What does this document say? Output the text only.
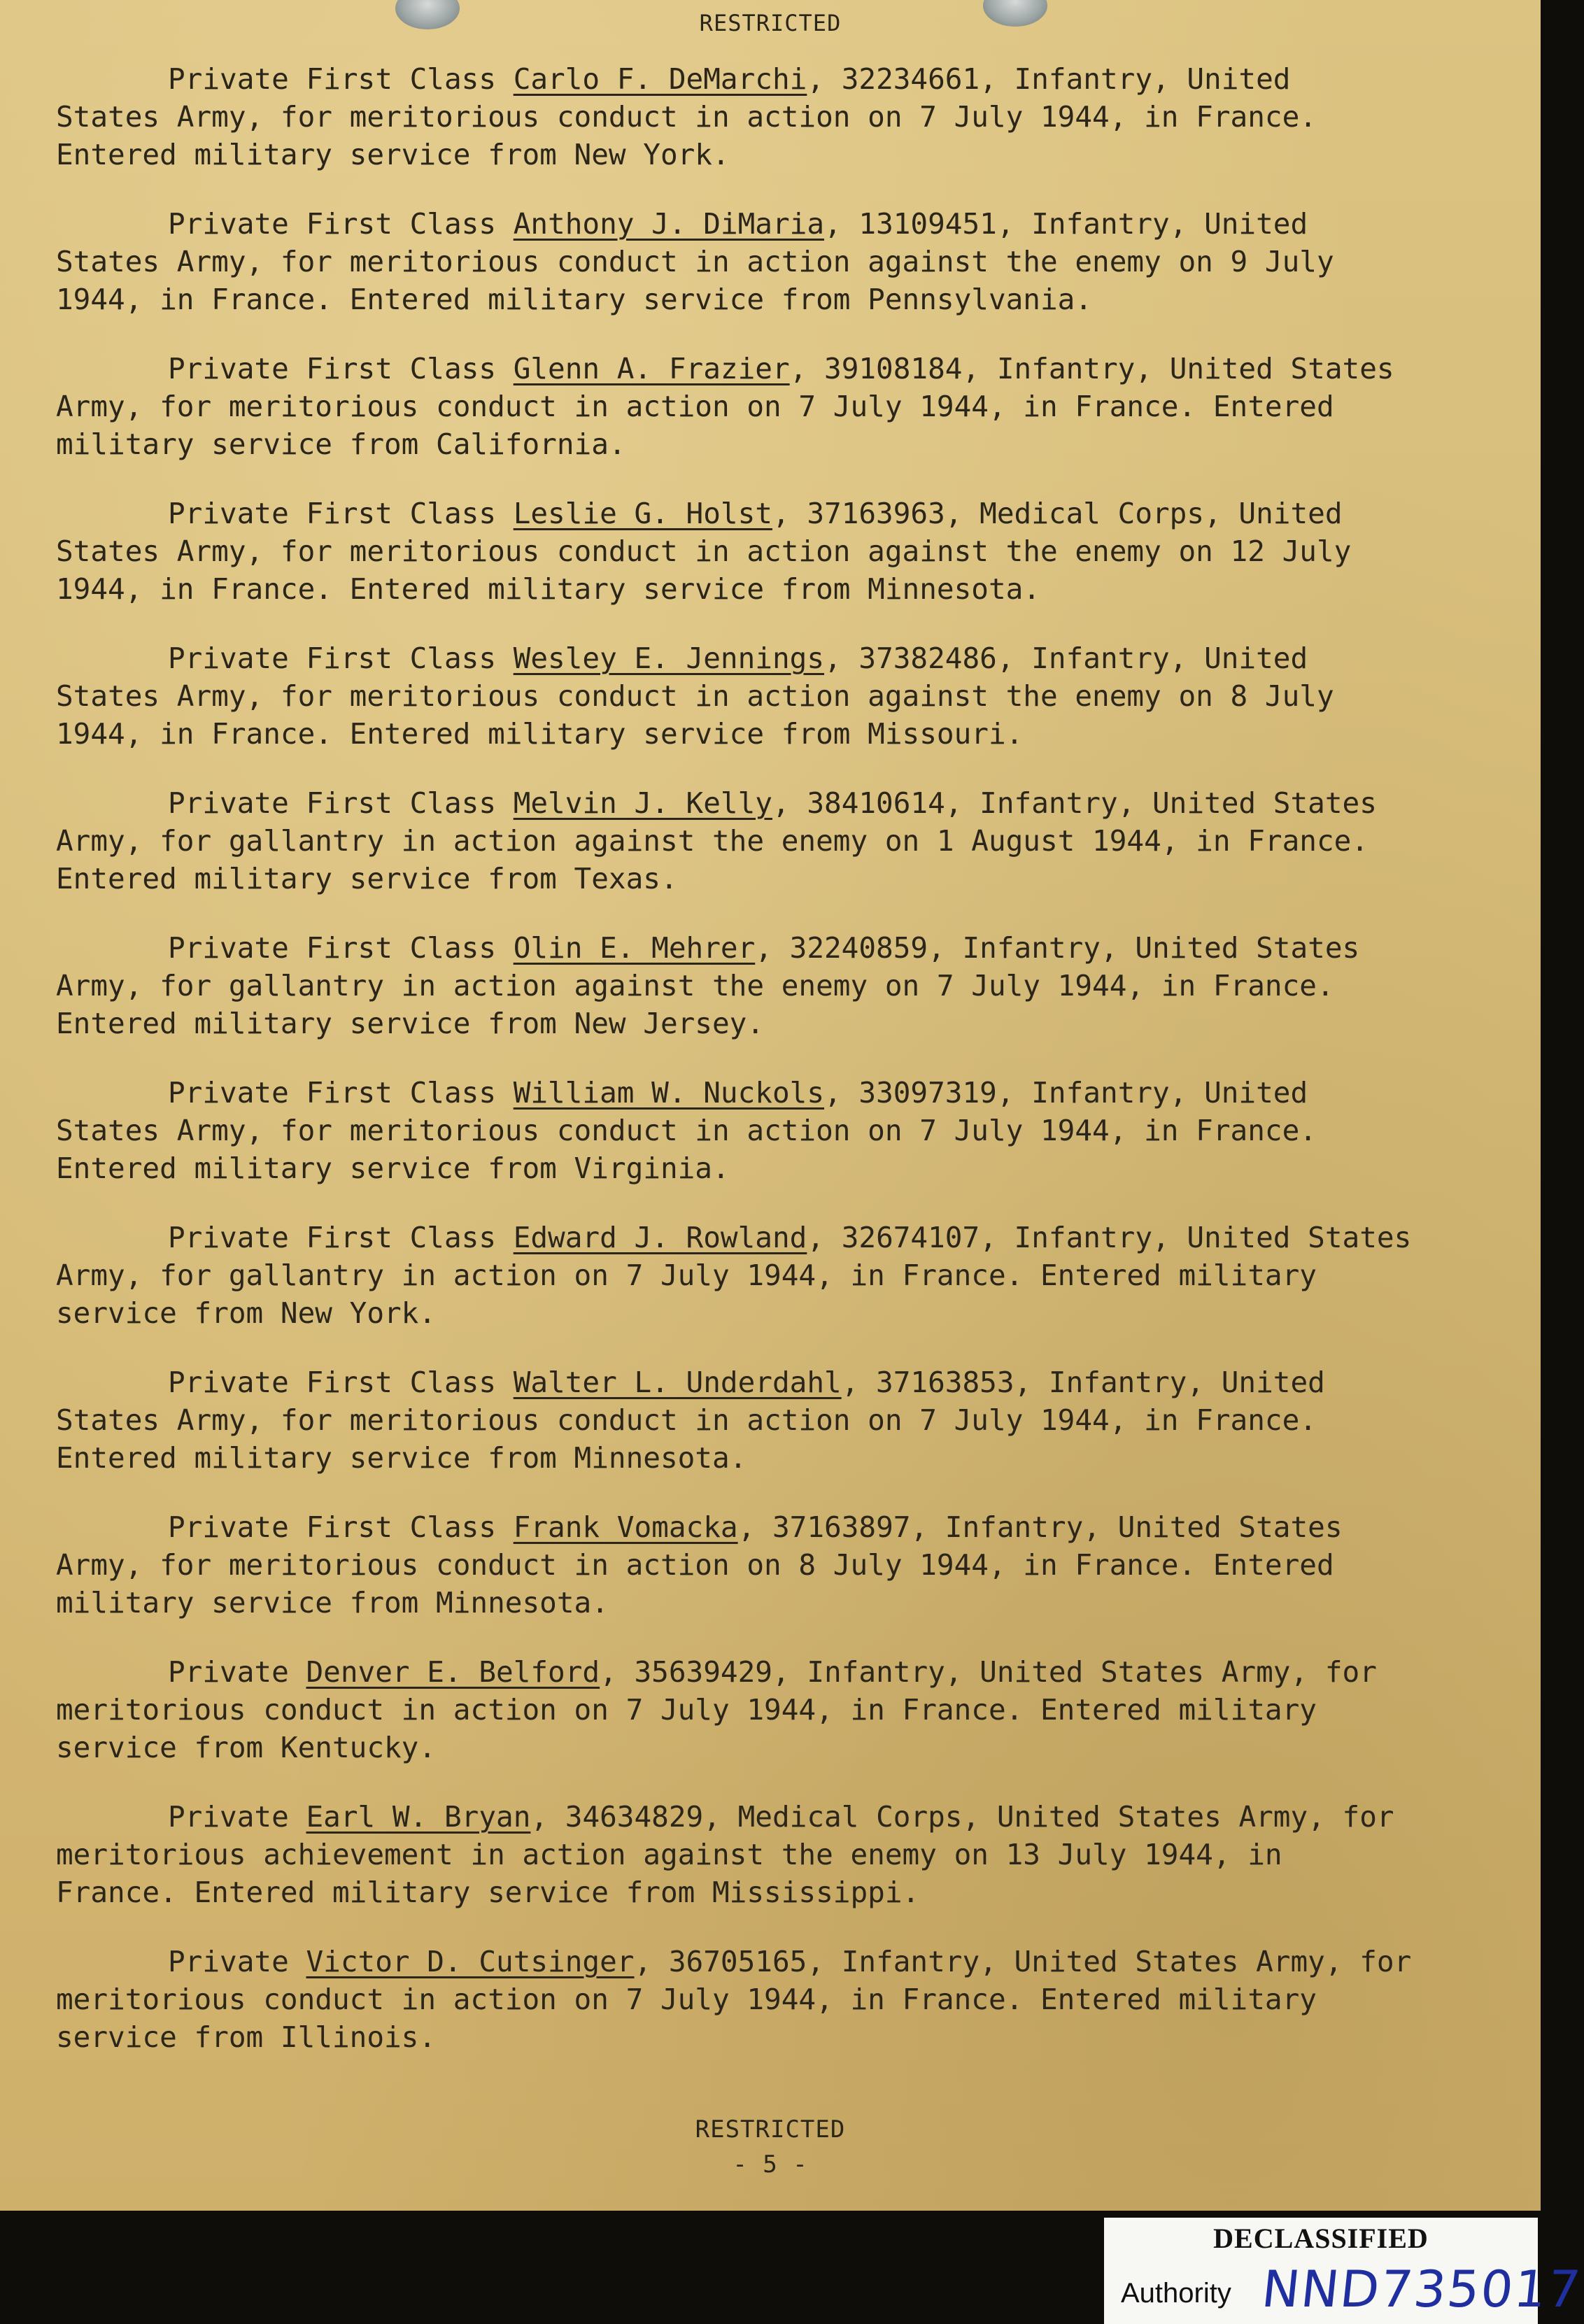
RESTRICTED
Private First Class Carlo F. DeMarchi, 32234661, Infantry, United
States Army, for meritorious conduct in action on 7 July 1944, in France.
Entered military service from New York.
Private First Class Anthony J. DiMaria, 13109451, Infantry, United
States Army, for meritorious conduct in action against the enemy on 9 July
1944, in France. Entered military service from Pennsylvania.
Private First Class Glenn A. Frazier, 39108184, Infantry, United States
Army, for meritorious conduct in action on 7 July 1944, in France. Entered
military service from California.
Private First Class Leslie G. Holst, 37163963, Medical Corps, United
States Army, for meritorious conduct in action against the enemy on 12 July
1944, in France. Entered military service from Minnesota.
Private First Class Wesley E. Jennings, 37382486, Infantry, United
States Army, for meritorious conduct in action against the enemy on 8 July
1944, in France. Entered military service from Missouri.
Private First Class Melvin J. Kelly, 38410614, Infantry, United States
Army, for gallantry in action against the enemy on 1 August 1944, in France.
Entered military service from Texas.
Private First Class Olin E. Mehrer, 32240859, Infantry, United States
Army, for gallantry in action against the enemy on 7 July 1944, in France.
Entered military service from New Jersey.
Private First Class William W. Nuckols, 33097319, Infantry, United
States Army, for meritorious conduct in action on 7 July 1944, in France.
Entered military service from Virginia.
Private First Class Edward J. Rowland, 32674107, Infantry, United States
Army, for gallantry in action on 7 July 1944, in France. Entered military
service from New York.
Private First Class Walter L. Underdahl, 37163853, Infantry, United
States Army, for meritorious conduct in action on 7 July 1944, in France.
Entered military service from Minnesota.
Private First Class Frank Vomacka, 37163897, Infantry, United States
Army, for meritorious conduct in action on 8 July 1944, in France. Entered
military service from Minnesota.
Private Denver E. Belford, 35639429, Infantry, United States Army, for
meritorious conduct in action on 7 July 1944, in France. Entered military
service from Kentucky.
Private Earl W. Bryan, 34634829, Medical Corps, United States Army, for
meritorious achievement in action against the enemy on 13 July 1944, in
France. Entered military service from Mississippi.
Private Victor D. Cutsinger, 36705165, Infantry, United States Army, for
meritorious conduct in action on 7 July 1944, in France. Entered military
service from Illinois.
RESTRICTED
- 5 -
DECLASSIFIED
Authority NND735017
